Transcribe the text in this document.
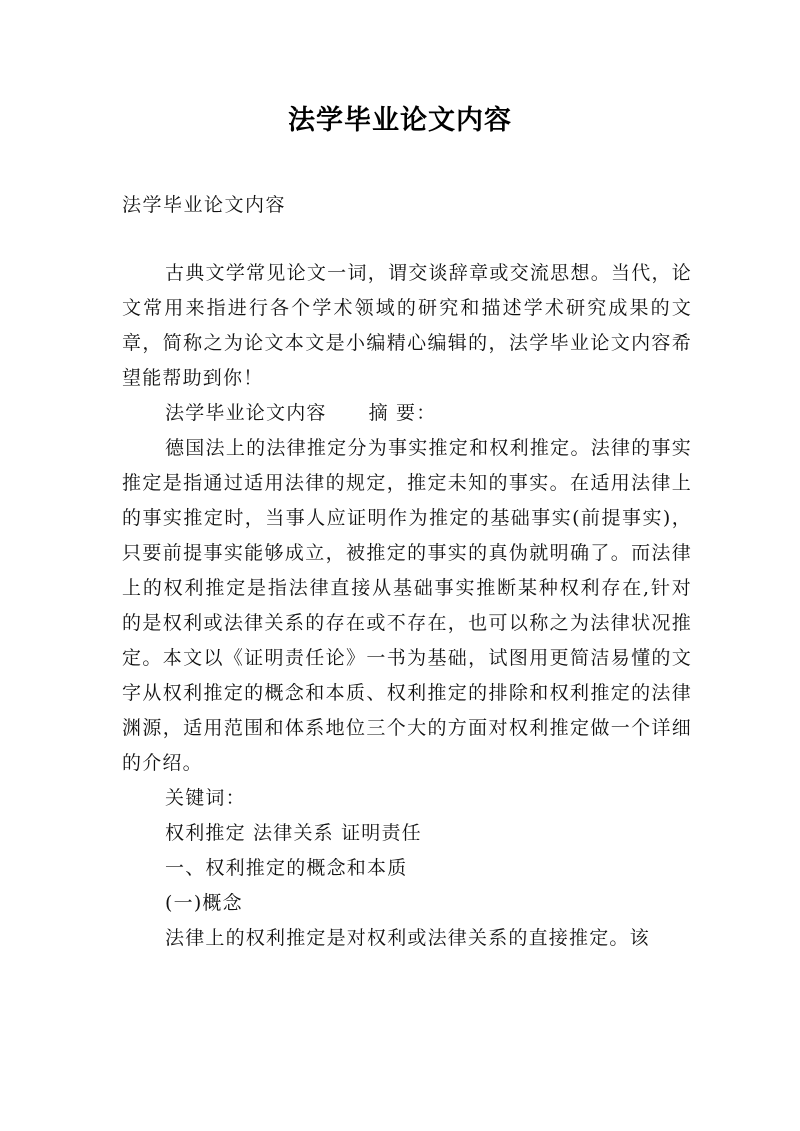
法学毕业论文内容
法学毕业论文内容

古典文学常见论文一词，谓交谈辞章或交流思想。当代，论文常用来指进行各个学术领域的研究和描述学术研究成果的文章，简称之为论文本文是小编精心编辑的，法学毕业论文内容希望能帮助到你！

法学毕业论文内容 摘 要：

德国法上的法律推定分为事实推定和权利推定。法律的事实推定是指通过适用法律的规定，推定未知的事实。在适用法律上的事实推定时，当事人应证明作为推定的基础事实(前提事实)，只要前提事实能够成立，被推定的事实的真伪就明确了。而法律上的权利推定是指法律直接从基础事实推断某种权利存在,针对的是权利或法律关系的存在或不存在，也可以称之为法律状况推定。本文以《证明责任论》一书为基础，试图用更简洁易懂的文字从权利推定的概念和本质、权利推定的排除和权利推定的法律渊源，适用范围和体系地位三个大的方面对权利推定做一个详细的介绍。

关键词：

权利推定 法律关系 证明责任

一、权利推定的概念和本质

(一)概念

法律上的权利推定是对权利或法律关系的直接推定。该
